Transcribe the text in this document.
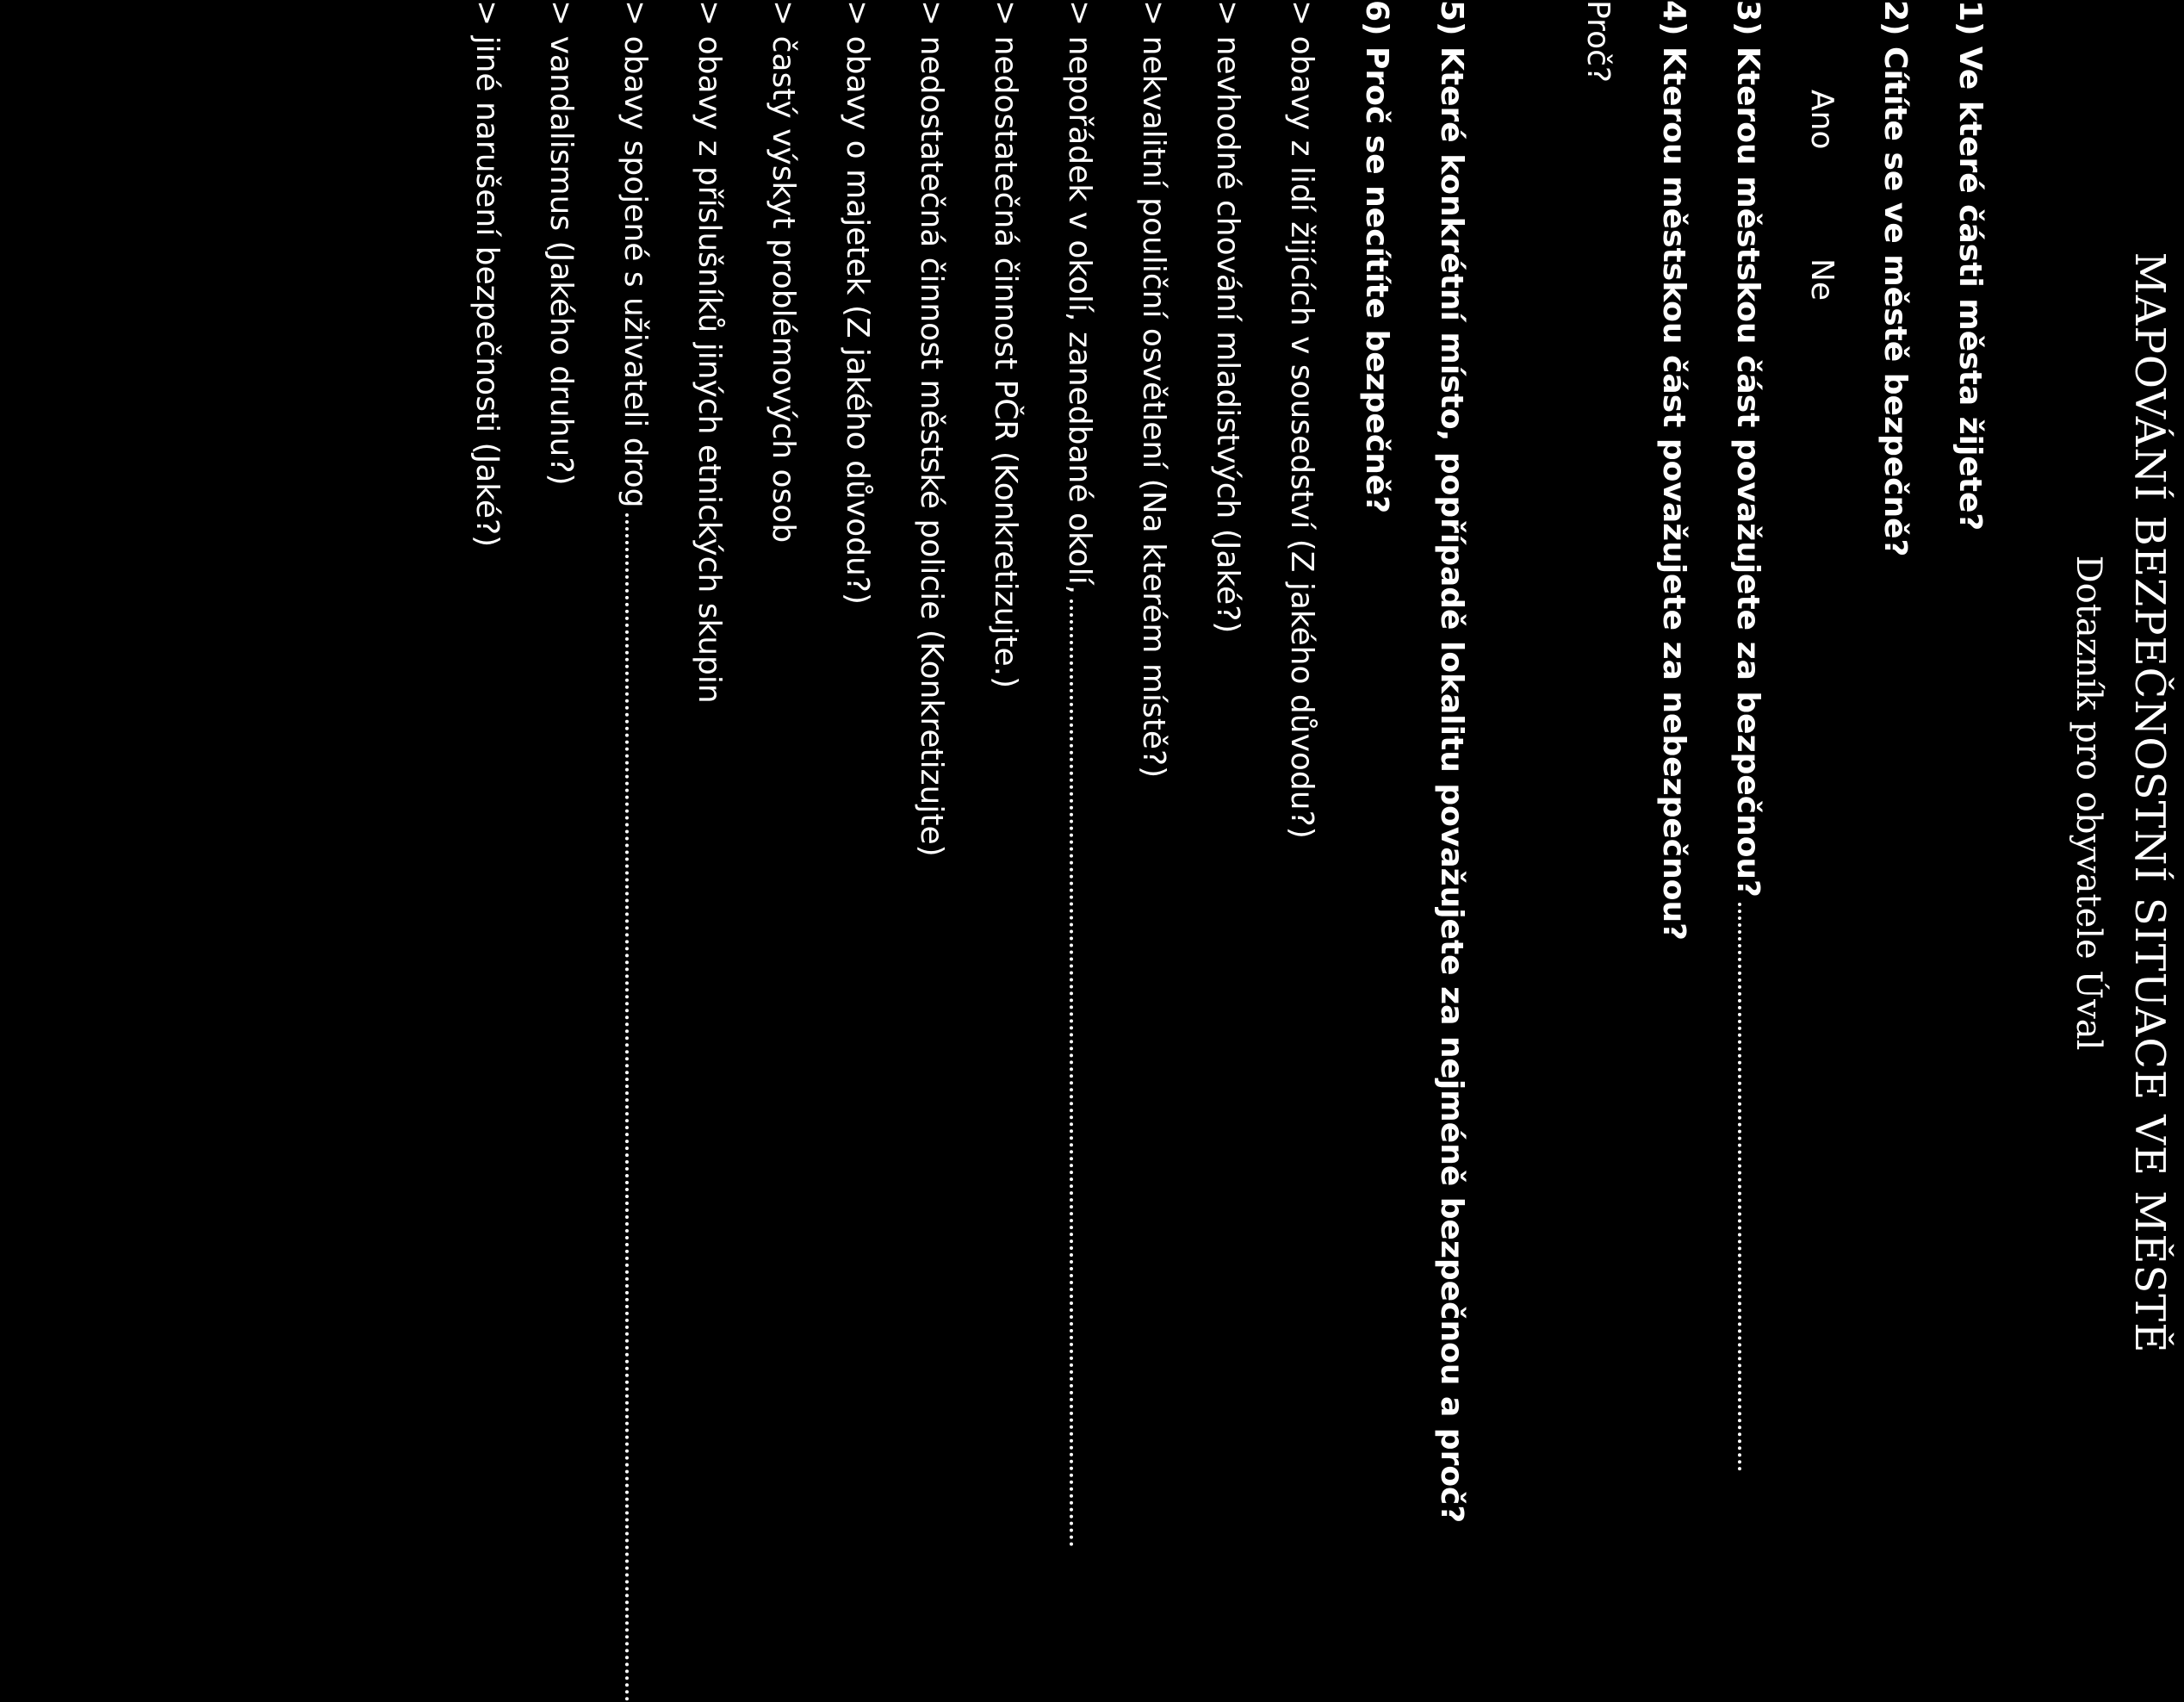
MAPOVÁNÍ BEZPEČNOSTNÍ SITUACE VE MĚSTĚ
Dotazník pro obyvatele Úval
1) Ve které části města žijete?
2) Cítíte se ve městě bezpečně?
Ano
Ne
3) Kterou městskou část považujete za bezpečnou?
4) Kterou městskou část považujete za nebezpečnou?
Proč?
5) Které konkrétní místo, popřípadě lokalitu považujete za nejméně bezpečnou a proč?
6) Proč se necítíte bezpečně?
> obavy z lidí žijících v sousedství (Z jakého důvodu?)
> nevhodné chování mladistvých (Jaké?)
> nekvalitní pouliční osvětlení (Na kterém místě?)
> nepořádek v okolí, zanedbané okolí,
> nedostatečná činnost PČR (Konkretizujte.)
> nedostatečná činnost městské policie (Konkretizujte)
> obavy o majetek (Z jakého důvodu?)
> častý výskyt problémových osob
> obavy z příslušníků jiných etnických skupin
> obavy spojené s uživateli drog
> vandalismus (Jakého druhu?)
> jiné narušení bezpečnosti (Jaké?)
